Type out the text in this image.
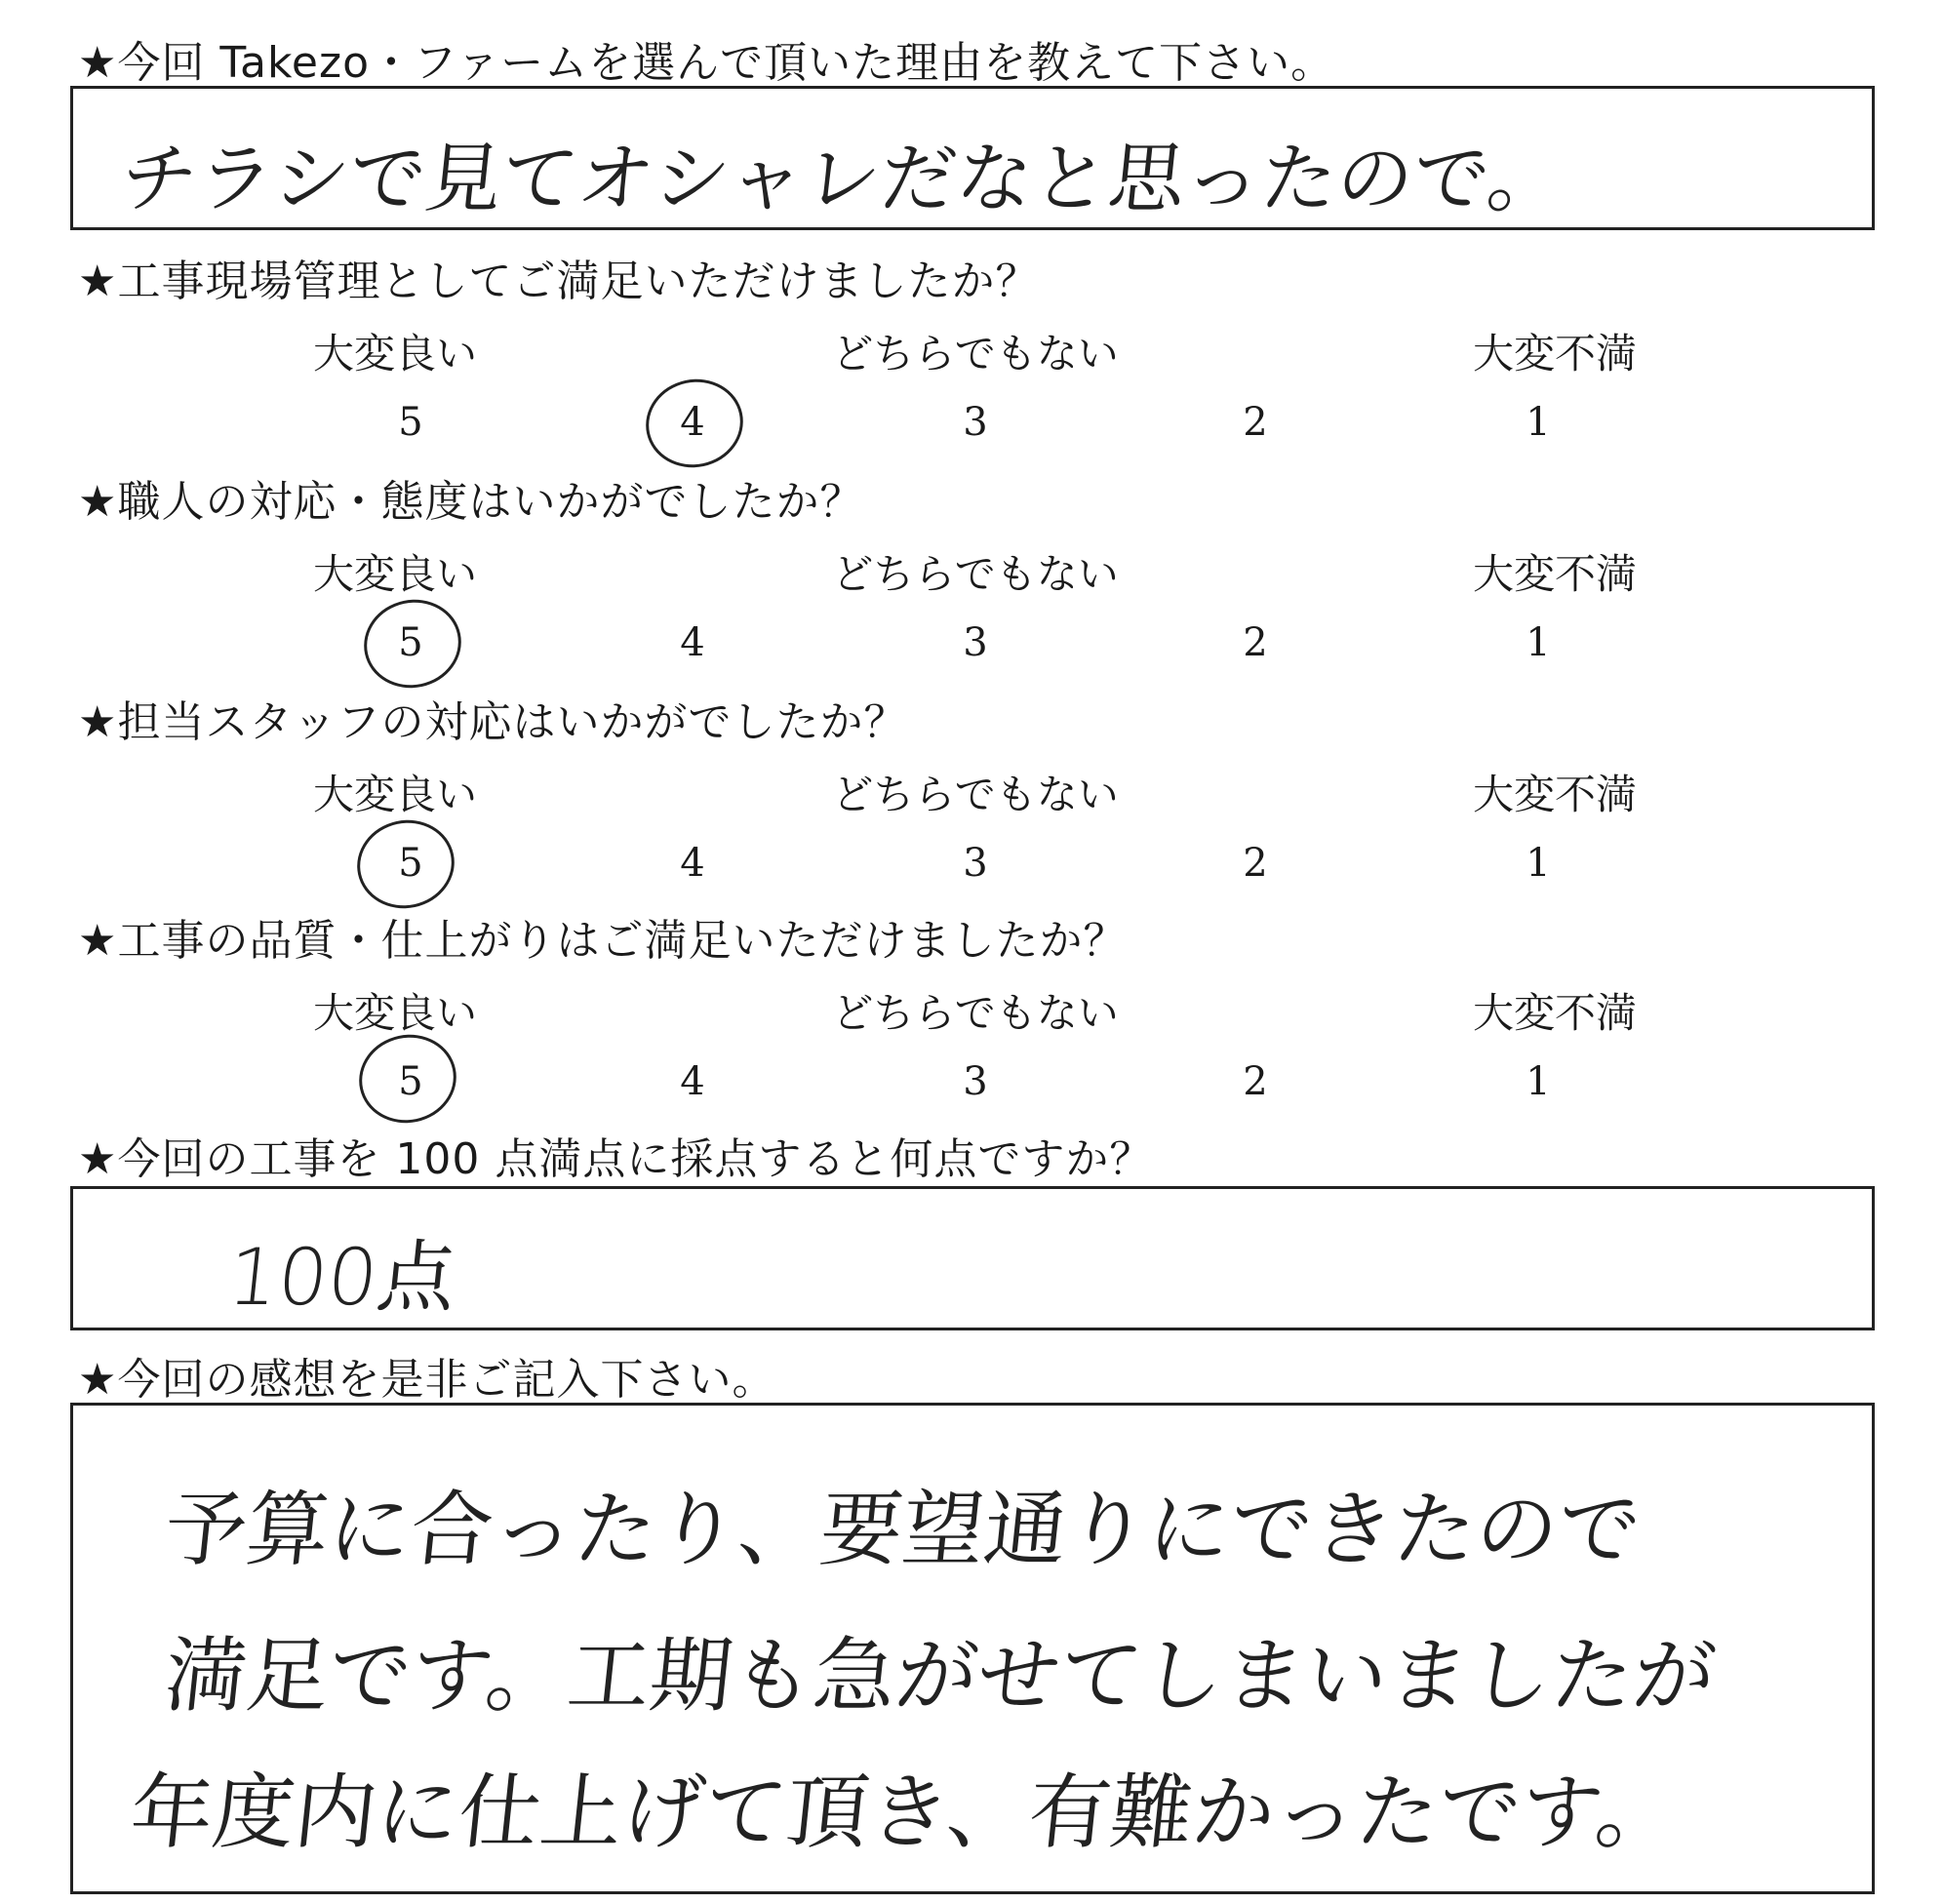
★今回 Takezo・ファームを選んで頂いた理由を教えて下さい。

チラシで見てオシャレだなと思ったので。

★工事現場管理としてご満足いただけましたか？

大変良い	どちらでもない	大変不満
5	4	3	2	1

★職人の対応・態度はいかがでしたか？

大変良い	どちらでもない	大変不満
5	4	3	2	1

★担当スタッフの対応はいかがでしたか？

大変良い	どちらでもない	大変不満
5	4	3	2	1

★工事の品質・仕上がりはご満足いただけましたか？

大変良い	どちらでもない	大変不満
5	4	3	2	1

★今回の工事を 100 点満点に採点すると何点ですか？

100点

★今回の感想を是非ご記入下さい。

予算に合ったり、要望通りにできたので
満足です。工期も急がせてしまいましたが
年度内に仕上げて頂き、有難かったです。
